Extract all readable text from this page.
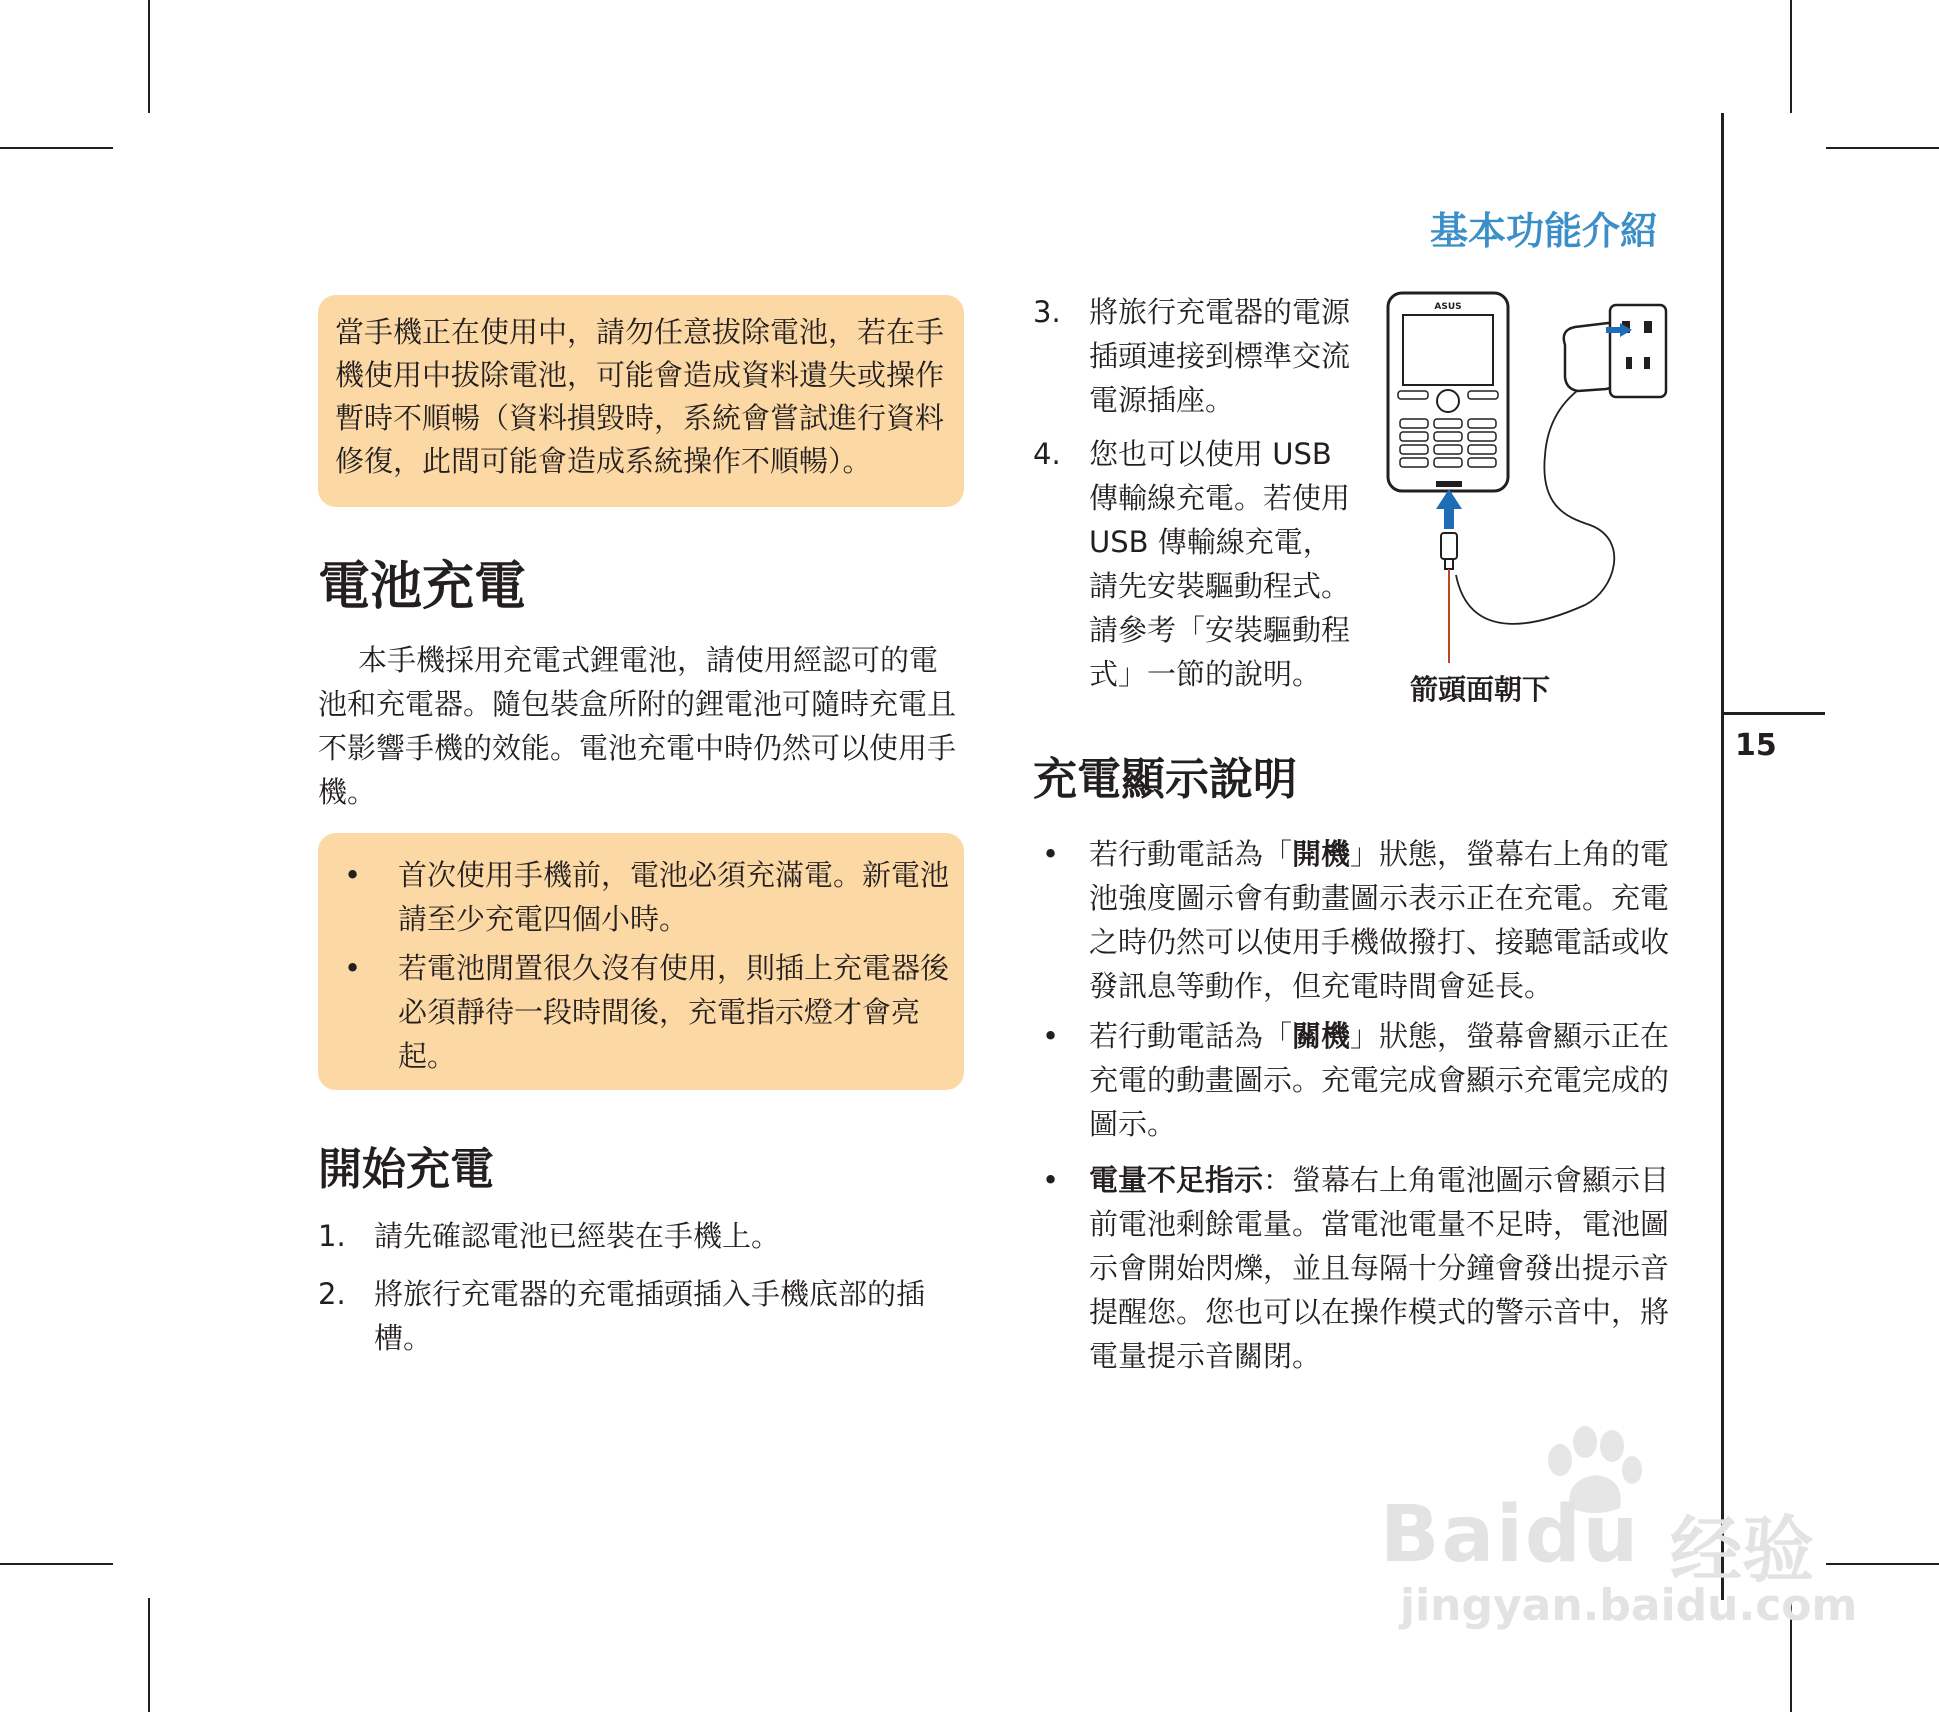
基本功能介紹
15
當手機正在使用中，請勿任意拔除電池，若在手機使用中拔除電池，可能會造成資料遺失或操作暫時不順暢（資料損毀時，系統會嘗試進行資料修復，此間可能會造成系統操作不順暢）。
電池充電
本手機採用充電式鋰電池，請使用經認可的電池和充電器。隨包裝盒所附的鋰電池可隨時充電且不影響手機的效能。電池充電中時仍然可以使用手機。
• 首次使用手機前，電池必須充滿電。新電池請至少充電四個小時。
• 若電池閒置很久沒有使用，則插上充電器後必須靜待一段時間後，充電指示燈才會亮起。
開始充電
1. 請先確認電池已經裝在手機上。
2. 將旅行充電器的充電插頭插入手機底部的插槽。
3. 將旅行充電器的電源插頭連接到標準交流電源插座。
4. 您也可以使用 USB 傳輸線充電。若使用 USB 傳輸線充電，請先安裝驅動程式。請參考「安裝驅動程式」一節的說明。
ASUS
箭頭面朝下
充電顯示說明
• 若行動電話為「開機」狀態，螢幕右上角的電池強度圖示會有動畫圖示表示正在充電。充電之時仍然可以使用手機做撥打、接聽電話或收發訊息等動作，但充電時間會延長。
• 若行動電話為「關機」狀態，螢幕會顯示正在充電的動畫圖示。充電完成會顯示充電完成的圖示。
• 電量不足指示：螢幕右上角電池圖示會顯示目前電池剩餘電量。當電池電量不足時，電池圖示會開始閃爍，並且每隔十分鐘會發出提示音提醒您。您也可以在操作模式的警示音中，將電量提示音關閉。
Baidu 经验
jingyan.baidu.com
